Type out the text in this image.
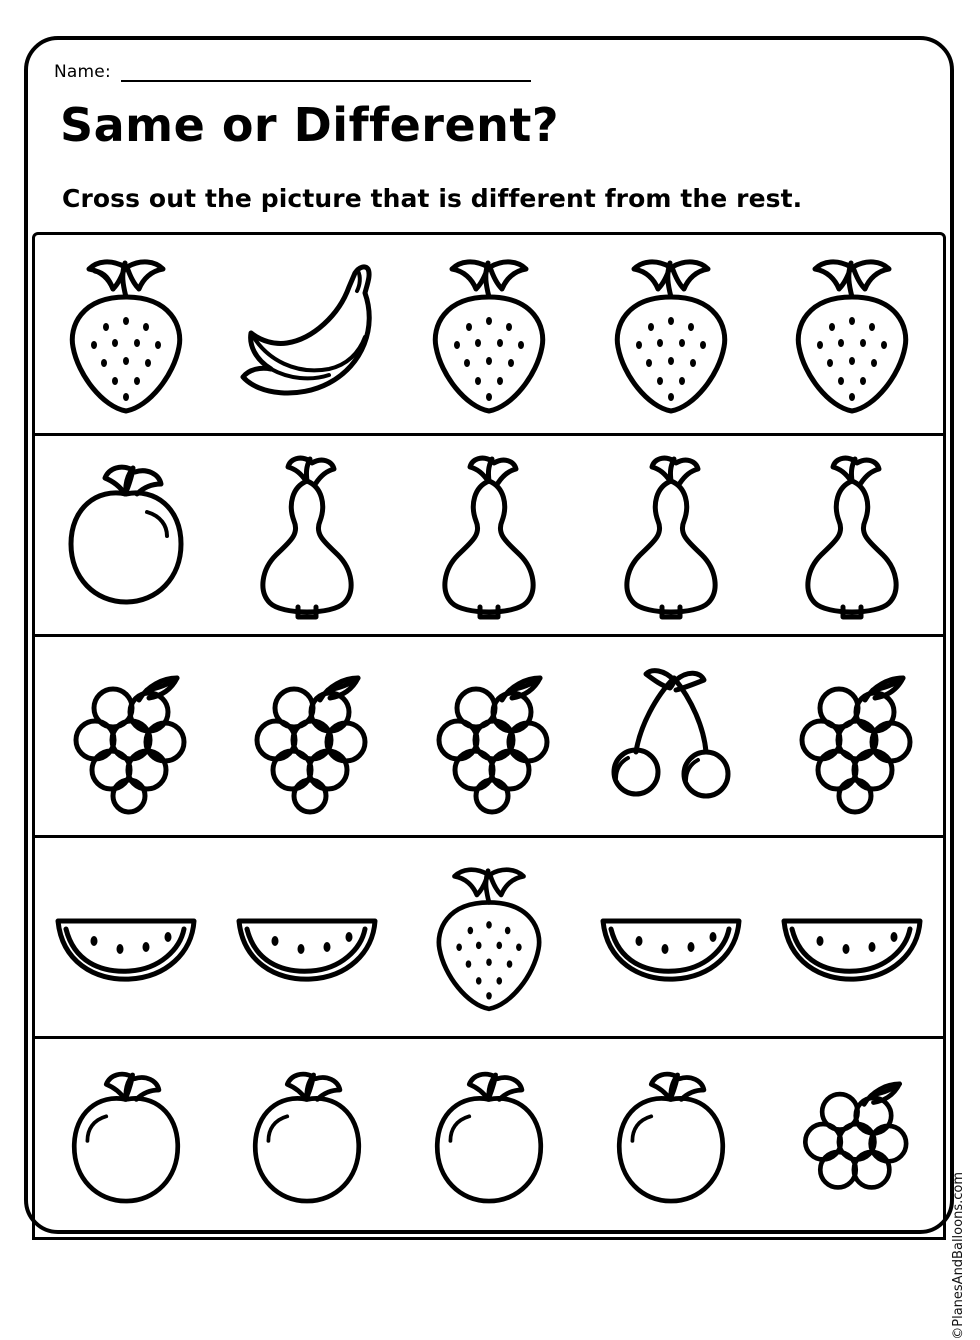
Name:
Same or Different?
Cross out the picture that is different from the rest.
©PlanesAndBalloons.com
